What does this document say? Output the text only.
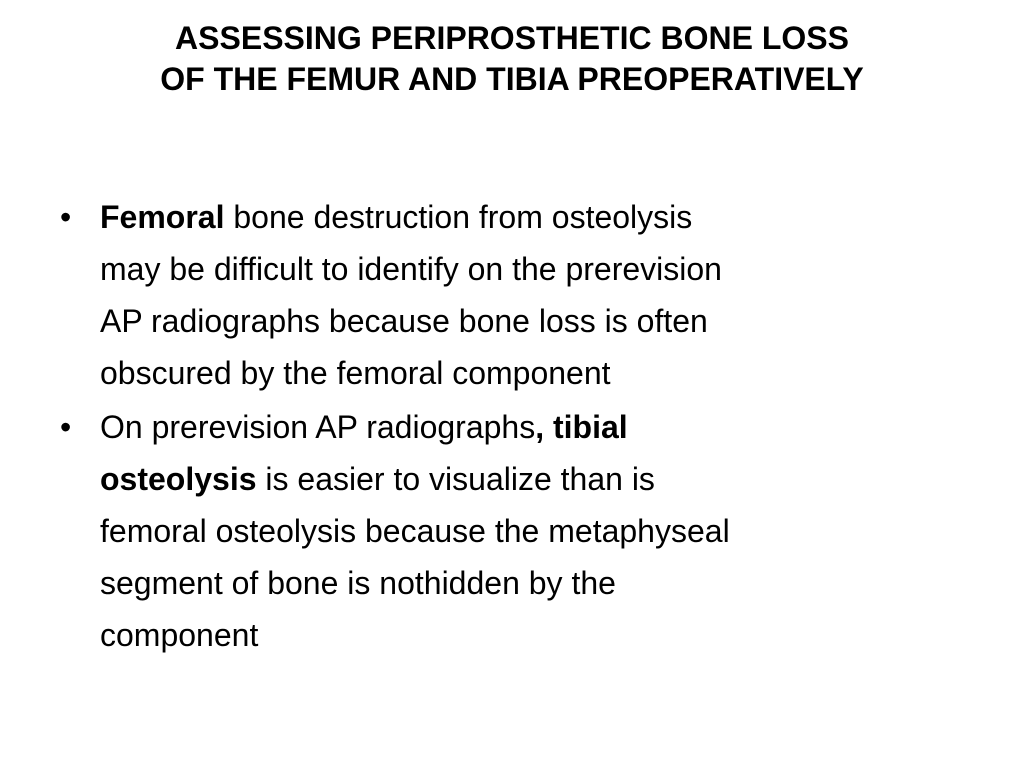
ASSESSING PERIPROSTHETIC BONE LOSS
OF THE FEMUR AND TIBIA PREOPERATIVELY
• Femoral bone destruction from osteolysis
may be difficult to identify on the prerevision
AP radiographs because bone loss is often
obscured by the femoral component
• On prerevision AP radiographs, tibial
osteolysis is easier to visualize than is
femoral osteolysis because the metaphyseal
segment of bone is nothidden by the
component
